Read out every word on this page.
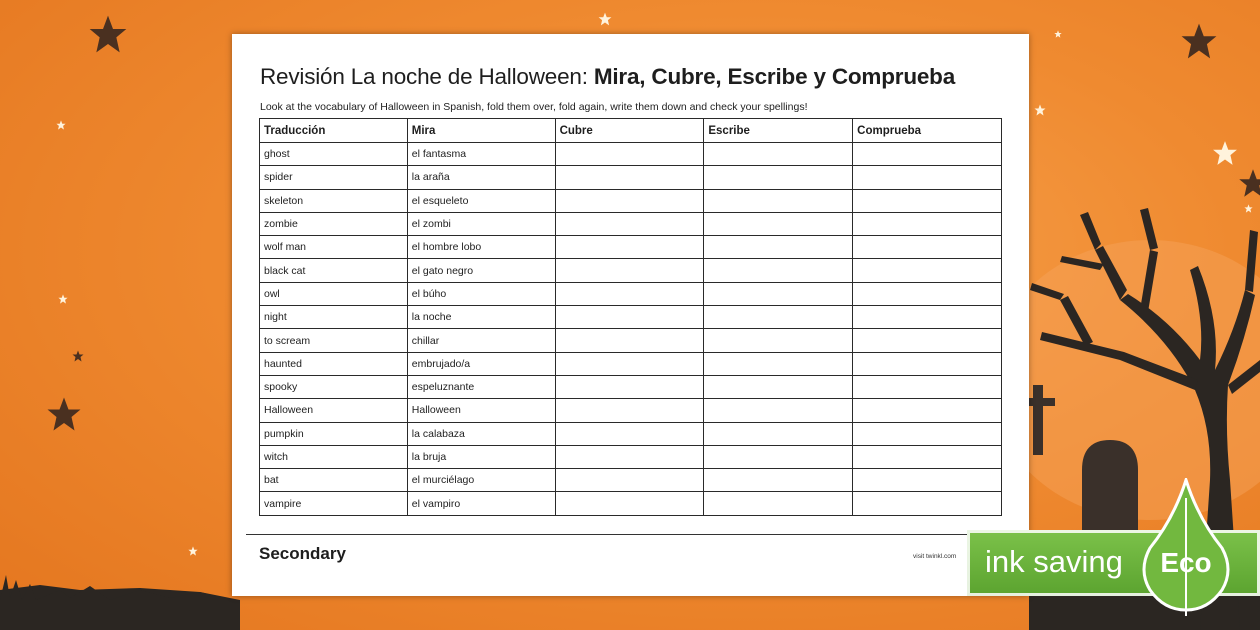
Revisión La noche de Halloween: Mira, Cubre, Escribe y Comprueba
Look at the vocabulary of Halloween in Spanish, fold them over, fold again, write them down and check your spellings!
Traducción	Mira	Cubre	Escribe	Comprueba
ghost	el fantasma			
spider	la araña			
skeleton	el esqueleto			
zombie	el zombi			
wolf man	el hombre lobo			
black cat	el gato negro			
owl	el búho			
night	la noche			
to scream	chillar			
haunted	embrujado/a			
spooky	espeluznante			
Halloween	Halloween			
pumpkin	la calabaza			
witch	la bruja			
bat	el murciélago			
vampire	el vampiro			
Secondary	visit twinkl.com ink saving Eco
